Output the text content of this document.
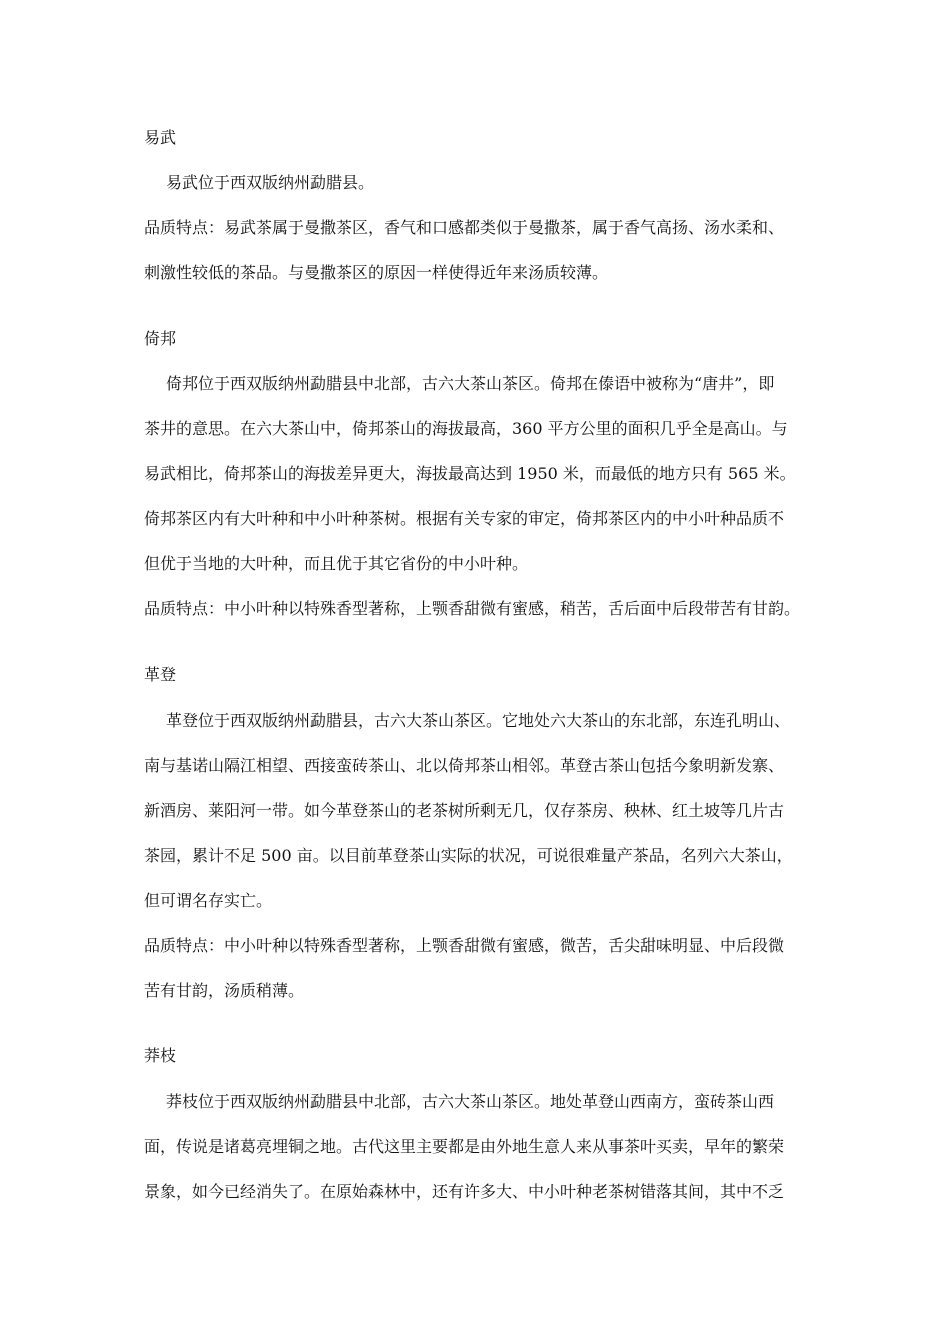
易武
易武位于西双版纳州勐腊县。
品质特点：易武茶属于曼撒茶区，香气和口感都类似于曼撒茶，属于香气高扬、汤水柔和、
刺激性较低的茶品。与曼撒茶区的原因一样使得近年来汤质较薄。
倚邦
倚邦位于西双版纳州勐腊县中北部，古六大茶山茶区。倚邦在傣语中被称为“唐井”，即
茶井的意思。在六大茶山中，倚邦茶山的海拔最高，360 平方公里的面积几乎全是高山。与
易武相比，倚邦茶山的海拔差异更大，海拔最高达到 1950 米，而最低的地方只有 565 米。
倚邦茶区内有大叶种和中小叶种茶树。根据有关专家的审定，倚邦茶区内的中小叶种品质不
但优于当地的大叶种，而且优于其它省份的中小叶种。
品质特点：中小叶种以特殊香型著称，上颚香甜微有蜜感，稍苦，舌后面中后段带苦有甘韵。
革登
革登位于西双版纳州勐腊县，古六大茶山茶区。它地处六大茶山的东北部，东连孔明山、
南与基诺山隔江相望、西接蛮砖茶山、北以倚邦茶山相邻。革登古茶山包括今象明新发寨、
新酒房、莱阳河一带。如今革登茶山的老茶树所剩无几，仅存茶房、秧林、红土坡等几片古
茶园，累计不足 500 亩。以目前革登茶山实际的状况，可说很难量产茶品，名列六大茶山，
但可谓名存实亡。
品质特点：中小叶种以特殊香型著称，上颚香甜微有蜜感，微苦，舌尖甜味明显、中后段微
苦有甘韵，汤质稍薄。
莽枝
莽枝位于西双版纳州勐腊县中北部，古六大茶山茶区。地处革登山西南方，蛮砖茶山西
面，传说是诸葛亮埋铜之地。古代这里主要都是由外地生意人来从事茶叶买卖，早年的繁荣
景象，如今已经消失了。在原始森林中，还有许多大、中小叶种老茶树错落其间，其中不乏
